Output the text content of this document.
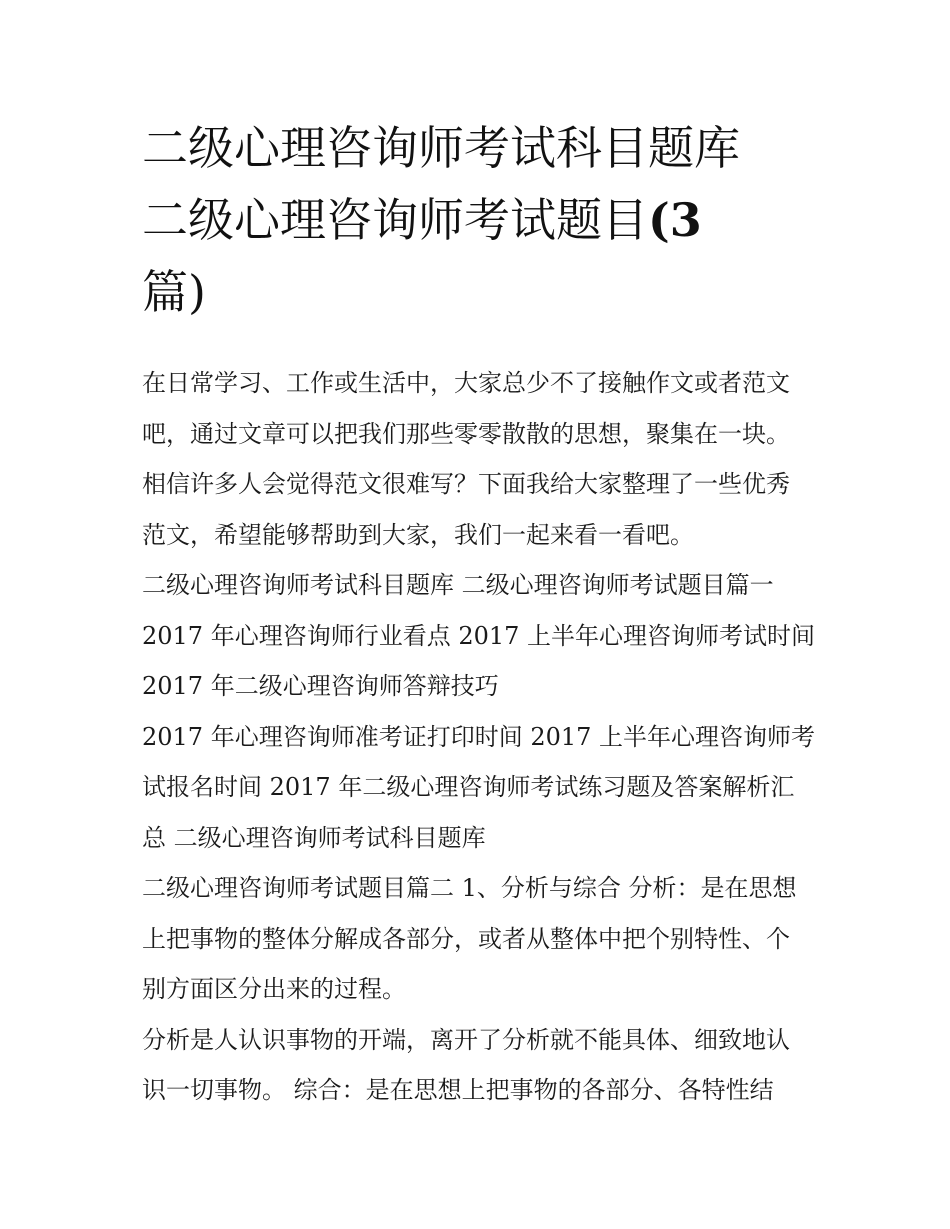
二级心理咨询师考试科目题库
二级心理咨询师考试题目(3
篇)
在日常学习、工作或生活中，大家总少不了接触作文或者范文
吧，通过文章可以把我们那些零零散散的思想，聚集在一块。
相信许多人会觉得范文很难写？下面我给大家整理了一些优秀
范文，希望能够帮助到大家，我们一起来看一看吧。
二级心理咨询师考试科目题库 二级心理咨询师考试题目篇一
2017 年心理咨询师行业看点 2017 上半年心理咨询师考试时间
2017 年二级心理咨询师答辩技巧
2017 年心理咨询师准考证打印时间 2017 上半年心理咨询师考
试报名时间 2017 年二级心理咨询师考试练习题及答案解析汇
总 二级心理咨询师考试科目题库
二级心理咨询师考试题目篇二 1、分析与综合 分析：是在思想
上把事物的整体分解成各部分，或者从整体中把个别特性、个
别方面区分出来的过程。
分析是人认识事物的开端，离开了分析就不能具体、细致地认
识一切事物。 综合：是在思想上把事物的各部分、各特性结
